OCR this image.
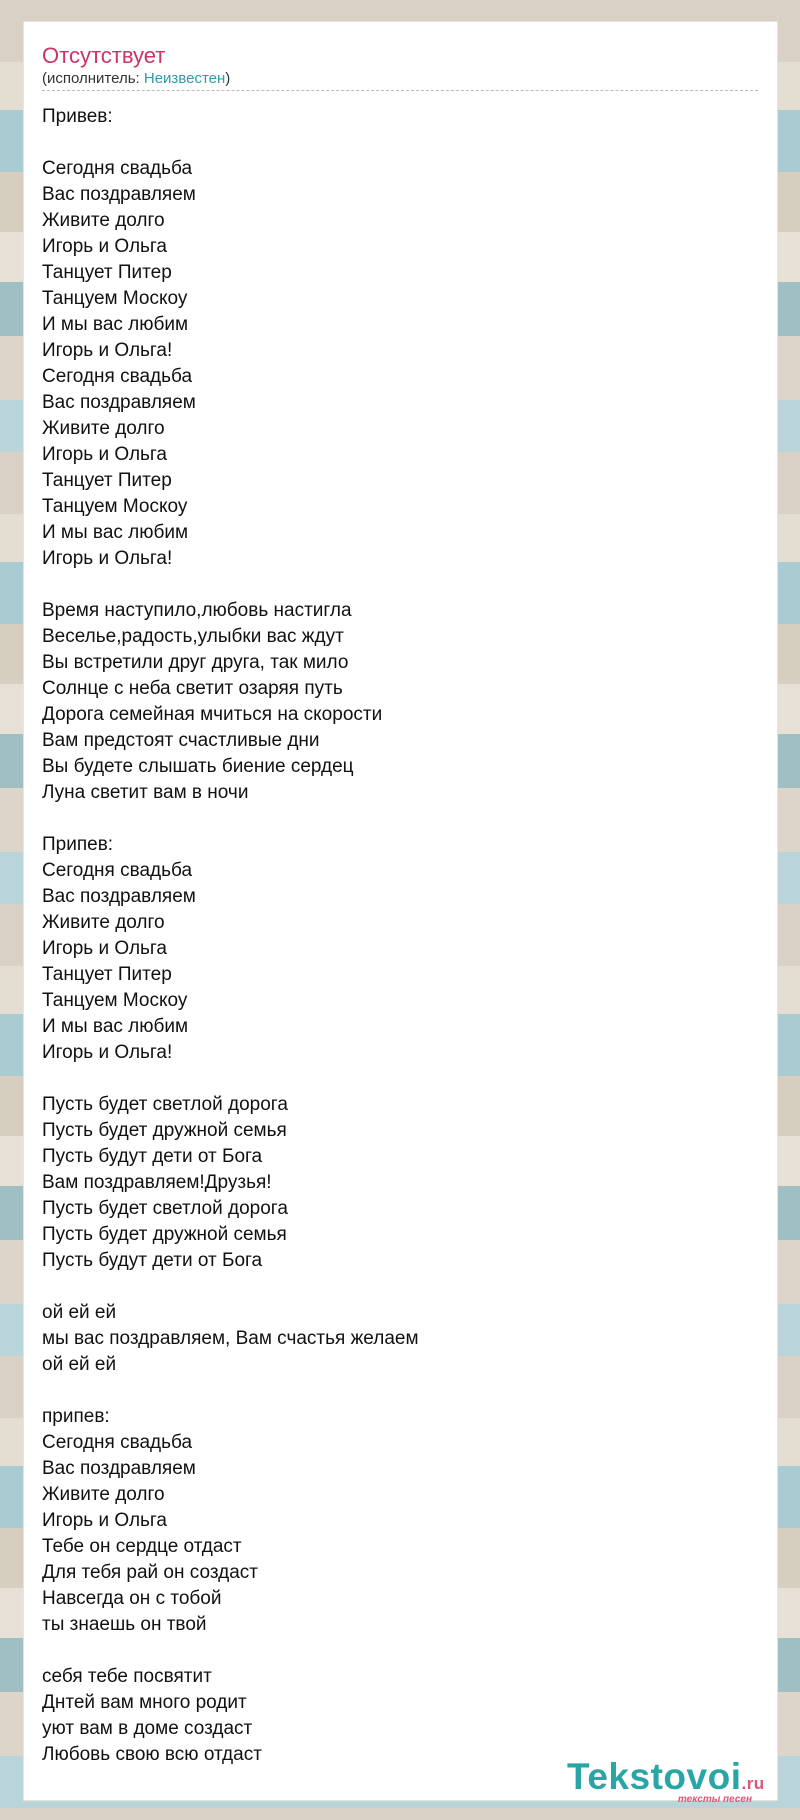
Отсутствует
(исполнитель: Неизвестен)
Привев:
Сегодня свадьба
Вас поздравляем
Живите долго
Игорь и Ольга
Танцует Питер
Танцуем Москоу
И мы вас любим
Игорь и Ольга!
Сегодня свадьба
Вас поздравляем
Живите долго
Игорь и Ольга
Танцует Питер
Танцуем Москоу
И мы вас любим
Игорь и Ольга!
Время наступило,любовь настигла
Веселье,радость,улыбки вас ждут
Вы встретили друг друга, так мило
Солнце с неба светит озаряя путь
Дорога семейная мчиться на скорости
Вам предстоят счастливые дни
Вы будете слышать биение сердец
Луна светит вам в ночи
Припев:
Сегодня свадьба
Вас поздравляем
Живите долго
Игорь и Ольга
Танцует Питер
Танцуем Москоу
И мы вас любим
Игорь и Ольга!
Пусть будет светлой дорога
Пусть будет дружной семья
Пусть будут дети от Бога
Вам поздравляем!Друзья!
Пусть будет светлой дорога
Пусть будет дружной семья
Пусть будут дети от Бога
ой ей ей
мы вас поздравляем, Вам счастья желаем
ой ей ей
припев:
Сегодня свадьба
Вас поздравляем
Живите долго
Игорь и Ольга
Тебе он сердце отдаст
Для тебя рай он создаст
Навсегда он с тобой
ты знаешь он твой
себя тебе посвятит
Днтей вам много родит
уют вам в доме создаст
Любовь свою всю отдаст
Tekstovoi.ru
тексты песен
